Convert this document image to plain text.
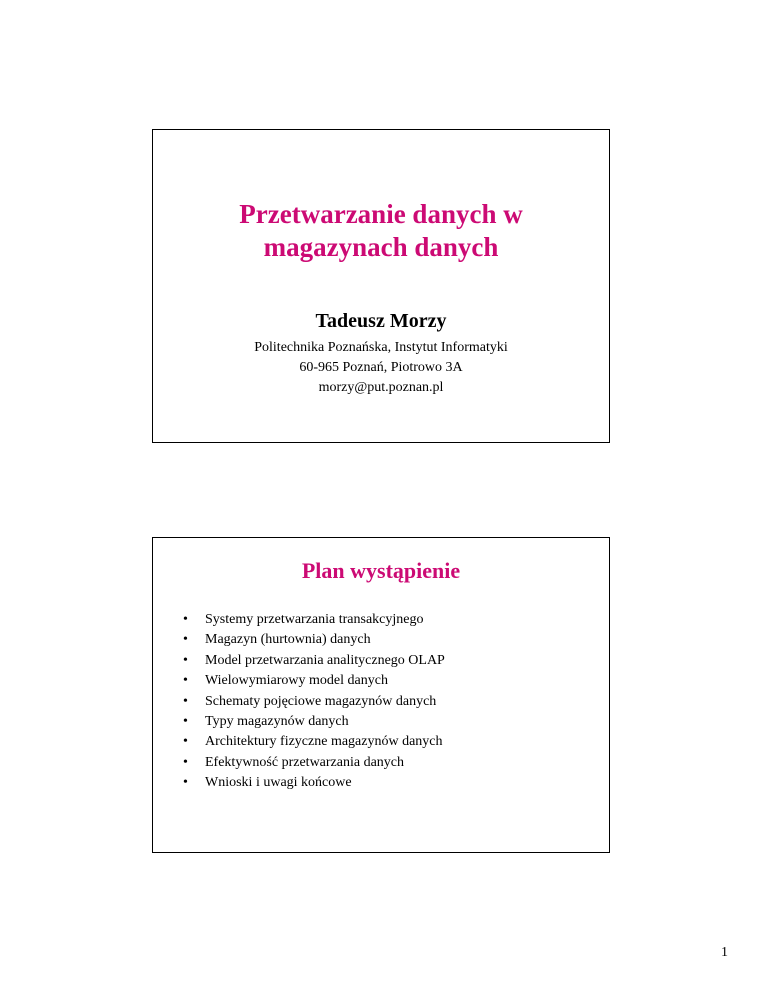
Przetwarzanie danych w
magazynach danych
Tadeusz Morzy
Politechnika Poznańska, Instytut Informatyki
60-965 Poznań, Piotrowo 3A
morzy@put.poznan.pl
Plan wystąpienie
• Systemy przetwarzania transakcyjnego
• Magazyn (hurtownia) danych
• Model przetwarzania analitycznego OLAP
• Wielowymiarowy model danych
• Schematy pojęciowe magazynów danych
• Typy magazynów danych
• Architektury fizyczne magazynów danych
• Efektywność przetwarzania danych
• Wnioski i uwagi końcowe
1
